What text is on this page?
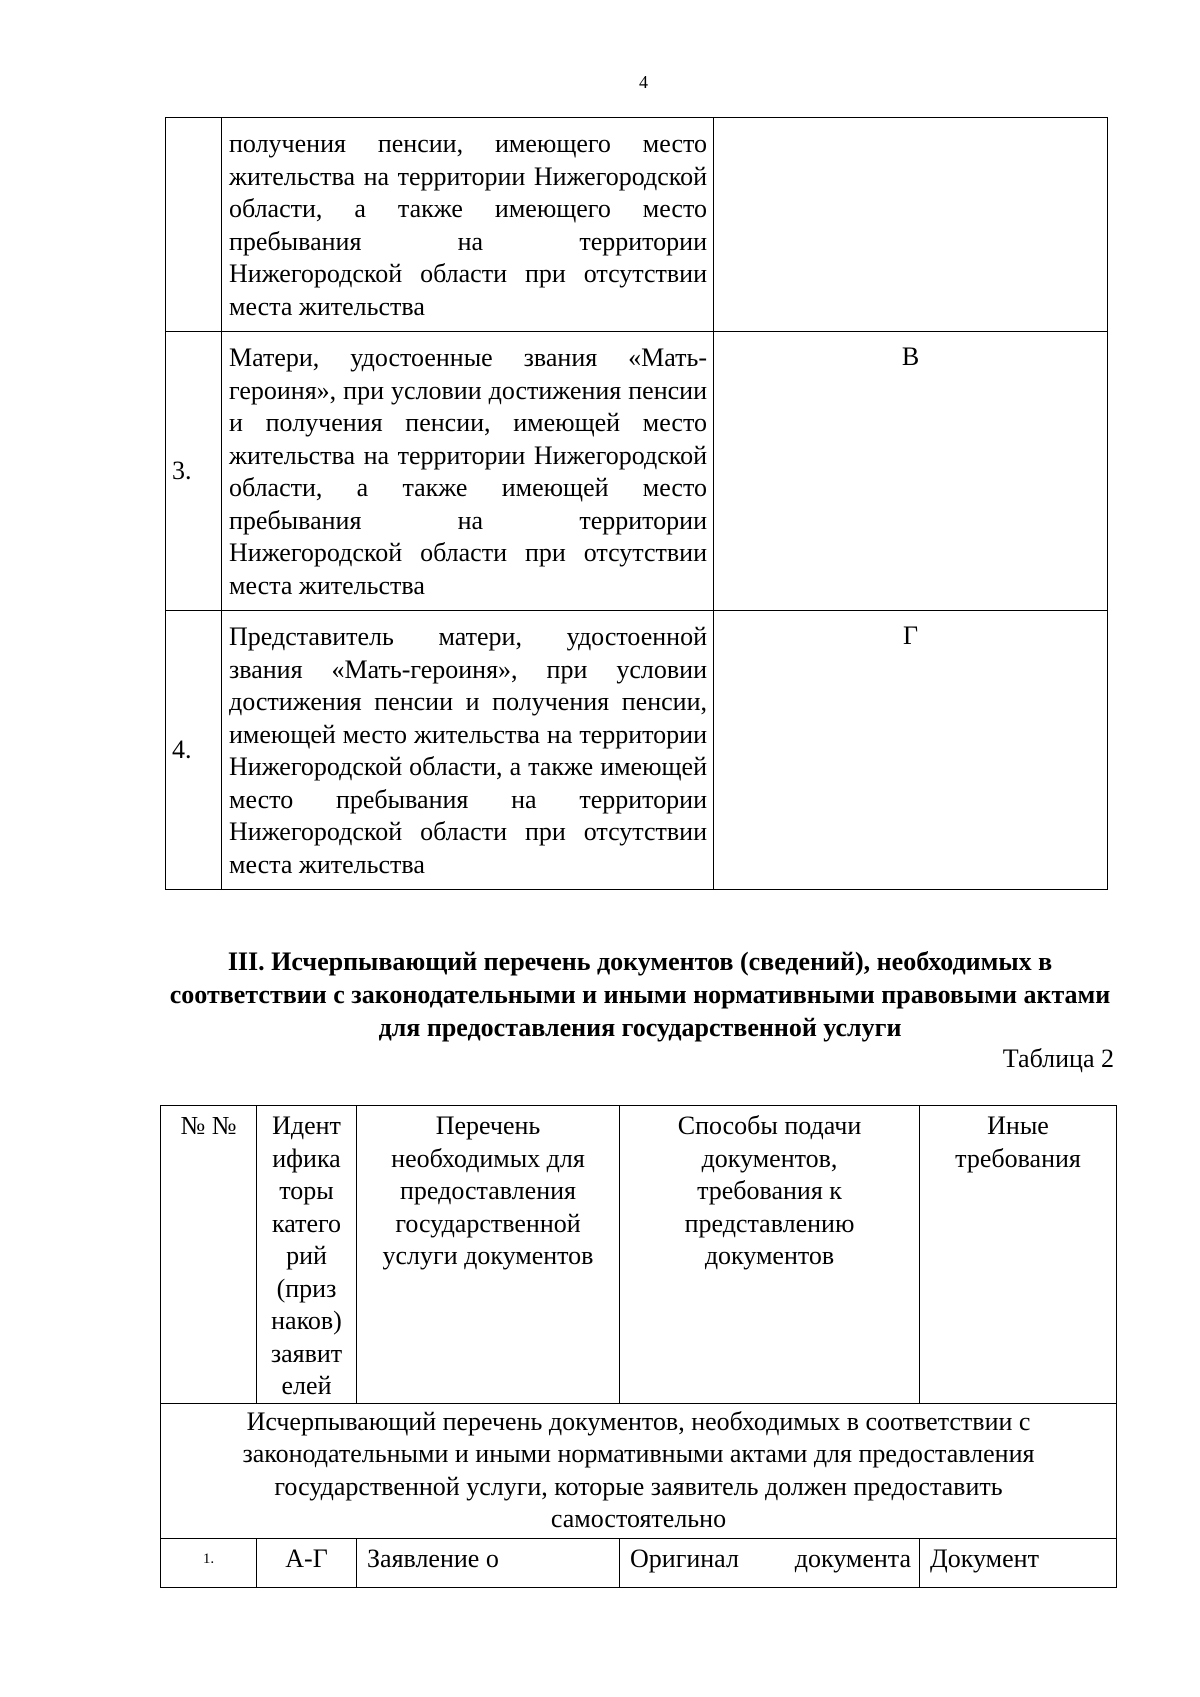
4
	получения пенсии, имеющего место жительства на территории Нижегородской области, а также имеющего место пребывания на территории Нижегородской области при отсутствии места жительства	
3.	Матери, удостоенные звания «Мать-героиня», при условии достижения пенсии и получения пенсии, имеющей место жительства на территории Нижегородской области, а также имеющей место пребывания на территории Нижегородской области при отсутствии места жительства	В
4.	Представитель матери, удостоенной звания «Мать-героиня», при условии достижения пенсии и получения пенсии, имеющей место жительства на территории Нижегородской области, а также имеющей место пребывания на территории Нижегородской области при отсутствии места жительства	Г
III. Исчерпывающий перечень документов (сведений), необходимых в соответствии с законодательными и иными нормативными правовыми актами для предоставления государственной услуги
Таблица 2
№ №	Идент ифика торы катего рий (приз наков) заявит елей	Перечень необходимых для предоставления государственной услуги документов	Способы подачи документов, требования к представлению документов	Иные требования
Исчерпывающий перечень документов, необходимых в соответствии с законодательными и иными нормативными актами для предоставления государственной услуги, которые заявитель должен предоставить самостоятельно				
1.	А-Г	Заявление о	Оригинал документа	Документ
